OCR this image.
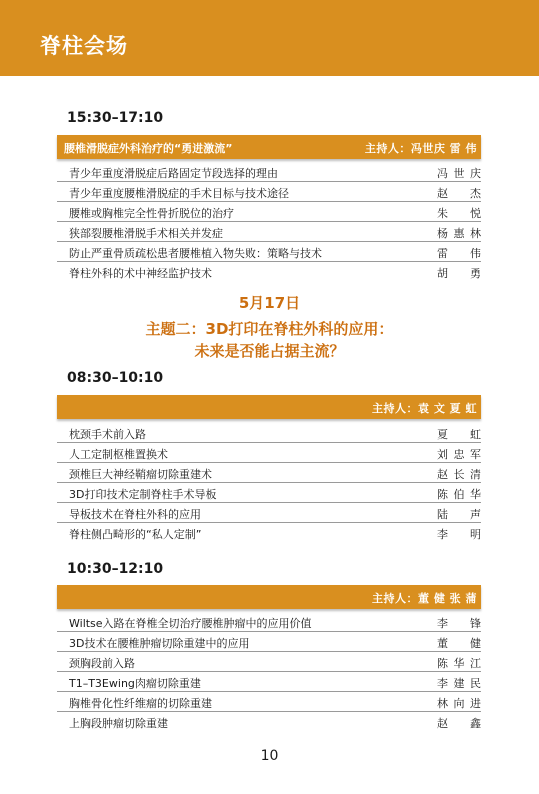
脊柱会场
15:30–17:10
腰椎滑脱症外科治疗的“勇进激流”	主持人：冯世庆 雷 伟
青少年重度滑脱症后路固定节段选择的理由	冯世庆
青少年重度腰椎滑脱症的手术目标与技术途径	赵杰
腰椎或胸椎完全性骨折脱位的治疗	朱悦
狭部裂腰椎滑脱手术相关并发症	杨惠林
防止严重骨质疏松患者腰椎植入物失败：策略与技术	雷伟
脊柱外科的术中神经监护技术	胡勇
5月17日
主题二：3D打印在脊柱外科的应用：
未来是否能占据主流？
08:30–10:10
主持人：袁 文 夏 虹
枕颈手术前入路	夏虹
人工定制枢椎置换术	刘忠军
颈椎巨大神经鞘瘤切除重建术	赵长清
3D打印技术定制脊柱手术导板	陈伯华
导板技术在脊柱外科的应用	陆声
脊柱侧凸畸形的“私人定制”	李明
10:30–12:10
主持人：董 健 张 蒲
Wiltse入路在脊椎全切治疗腰椎肿瘤中的应用价值	李锋
3D技术在腰椎肿瘤切除重建中的应用	董健
颈胸段前入路	陈华江
T1–T3Ewing肉瘤切除重建	李建民
胸椎骨化性纤维瘤的切除重建	林向进
上胸段肿瘤切除重建	赵鑫
10
